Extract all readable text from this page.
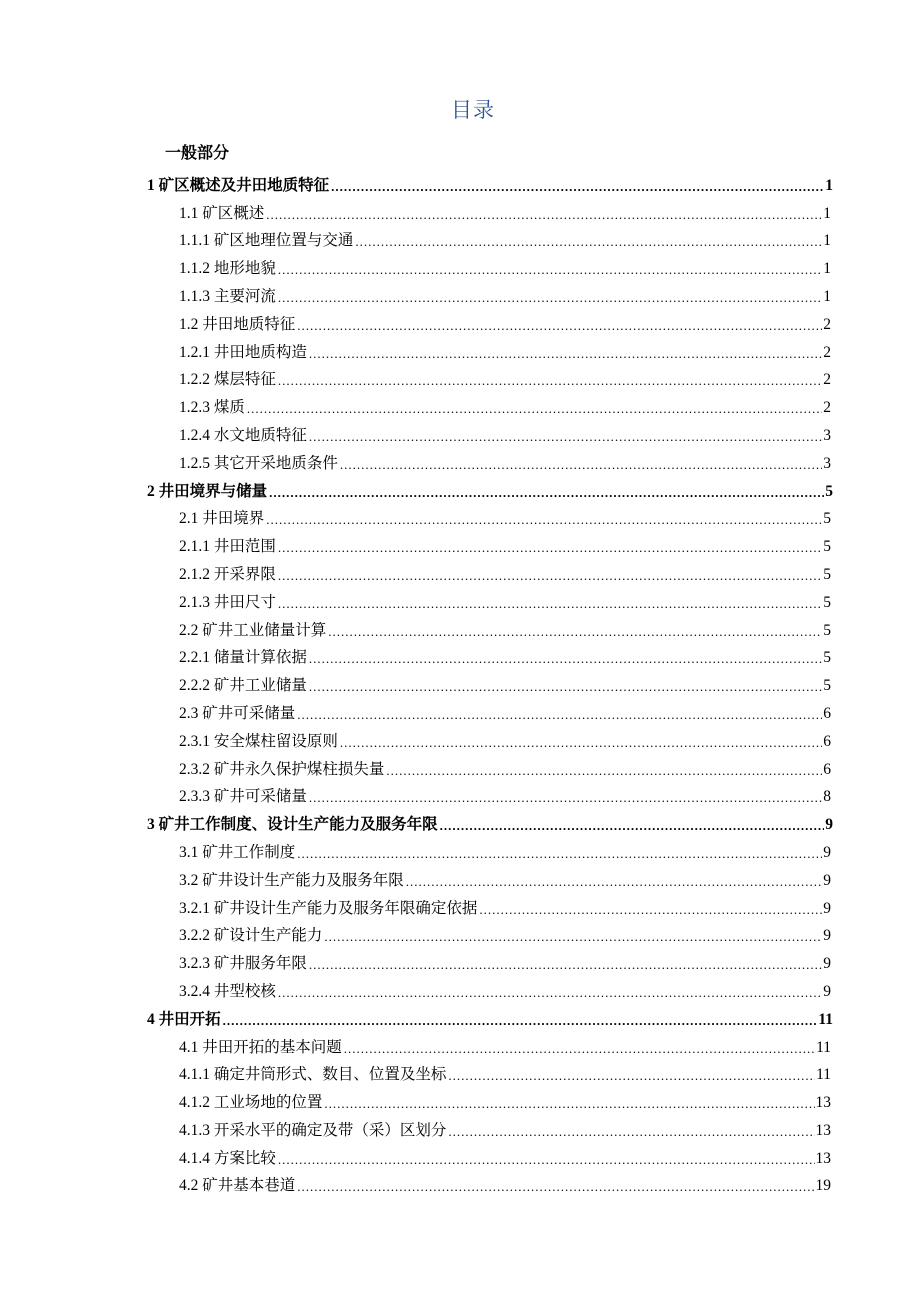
目录
一般部分
1 矿区概述及井田地质特征 .....	1
1.1 矿区概述 .....	1
1.1.1 矿区地理位置与交通 .....	1
1.1.2 地形地貌 .....	1
1.1.3 主要河流 .....	1
1.2 井田地质特征 .....	2
1.2.1 井田地质构造 .....	2
1.2.2 煤层特征 .....	2
1.2.3 煤质 .....	2
1.2.4 水文地质特征 .....	3
1.2.5 其它开采地质条件 .....	3
2 井田境界与储量 .....	5
2.1 井田境界 .....	5
2.1.1 井田范围 .....	5
2.1.2 开采界限 .....	5
2.1.3 井田尺寸 .....	5
2.2 矿井工业储量计算 .....	5
2.2.1 储量计算依据 .....	5
2.2.2 矿井工业储量 .....	5
2.3 矿井可采储量 .....	6
2.3.1 安全煤柱留设原则 .....	6
2.3.2 矿井永久保护煤柱损失量 .....	6
2.3.3 矿井可采储量 .....	8
3 矿井工作制度、设计生产能力及服务年限 .....	9
3.1 矿井工作制度 .....	9
3.2 矿井设计生产能力及服务年限 .....	9
3.2.1 矿井设计生产能力及服务年限确定依据 .....	9
3.2.2 矿设计生产能力 .....	9
3.2.3 矿井服务年限 .....	9
3.2.4 井型校核 .....	9
4 井田开拓 .....	11
4.1 井田开拓的基本问题 .....	11
4.1.1 确定井筒形式、数目、位置及坐标 .....	11
4.1.2 工业场地的位置 .....	13
4.1.3 开采水平的确定及带（采）区划分 .....	13
4.1.4 方案比较 .....	13
4.2 矿井基本巷道 .....	19
